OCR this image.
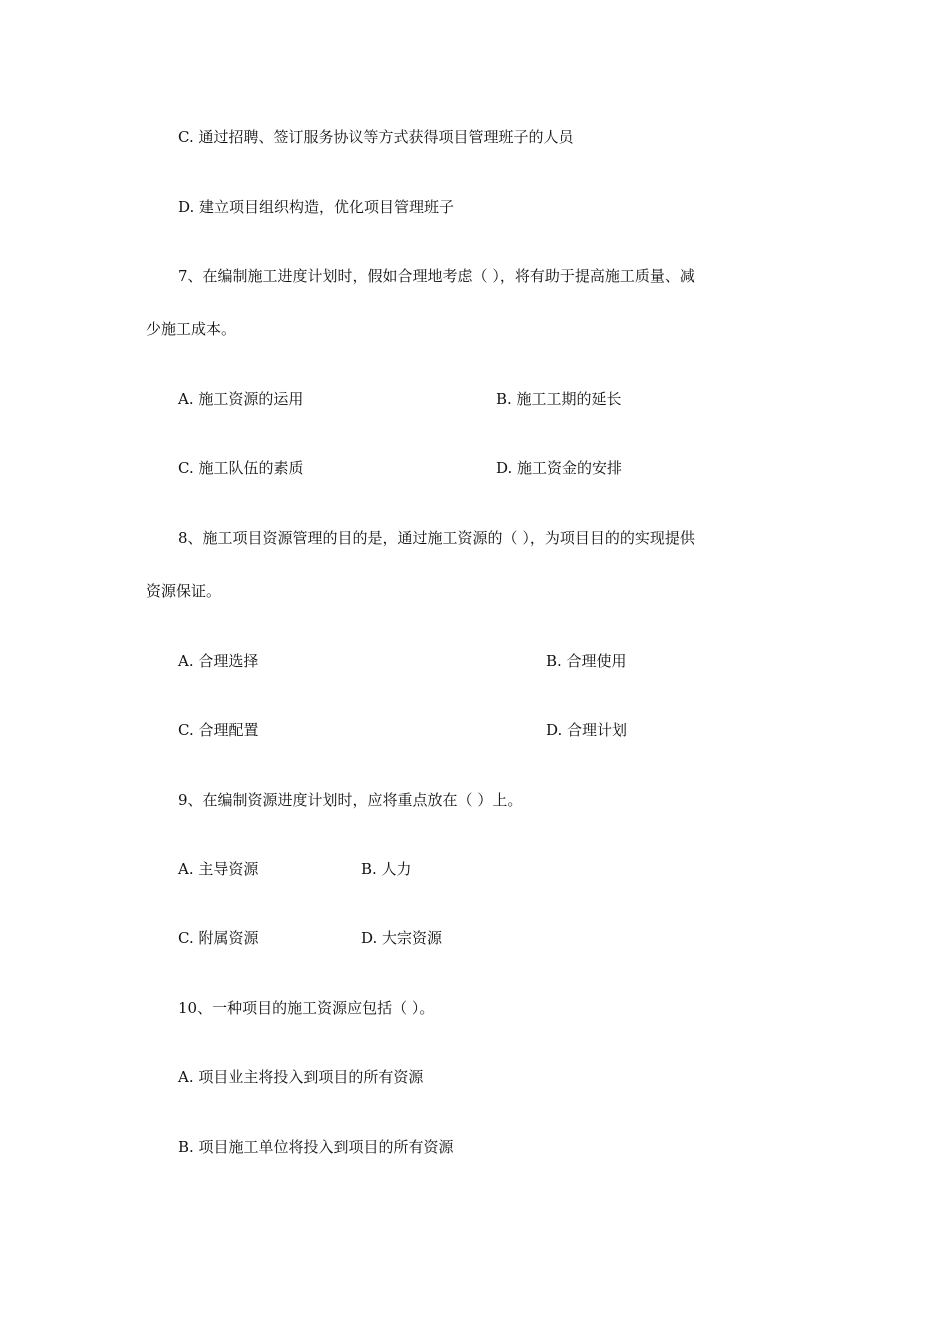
C. 通过招聘、签订服务协议等方式获得项目管理班子的人员
D. 建立项目组织构造，优化项目管理班子
7、在编制施工进度计划时，假如合理地考虑（ ），将有助于提高施工质量、减
少施工成本。
A. 施工资源的运用	B. 施工工期的延长
C. 施工队伍的素质	D. 施工资金的安排
8、施工项目资源管理的目的是，通过施工资源的（ ），为项目目的的实现提供
资源保证。
A. 合理选择	B. 合理使用
C. 合理配置	D. 合理计划
9、在编制资源进度计划时，应将重点放在（ ）上。
A. 主导资源	B. 人力
C. 附属资源	D. 大宗资源
10、一种项目的施工资源应包括（ ）。
A. 项目业主将投入到项目的所有资源
B. 项目施工单位将投入到项目的所有资源
